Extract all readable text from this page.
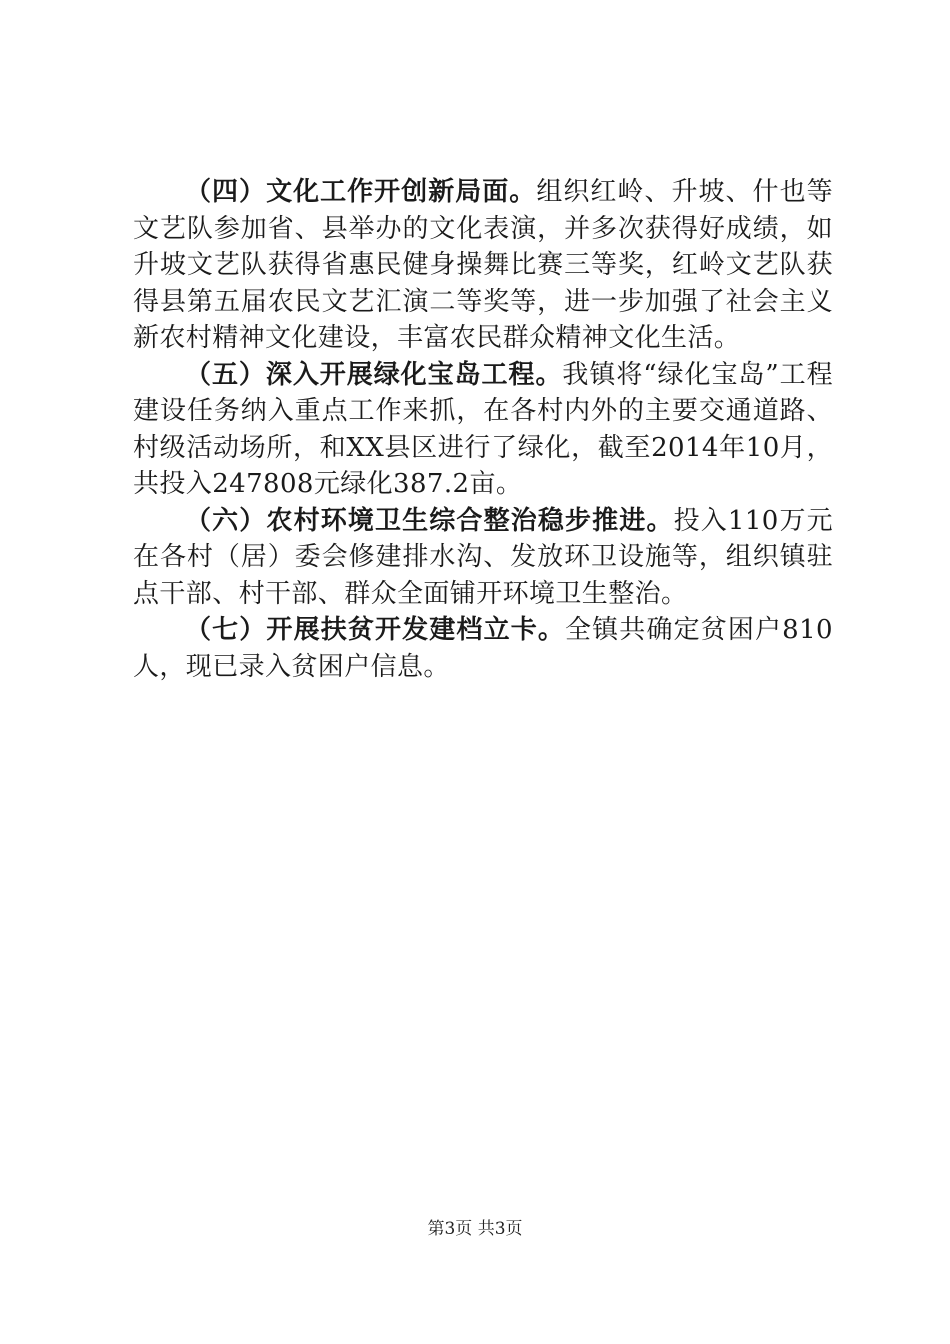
（四）文化工作开创新局面。组织红岭、升坡、什也等文艺队参加省、县举办的文化表演，并多次获得好成绩，如升坡文艺队获得省惠民健身操舞比赛三等奖，红岭文艺队获得县第五届农民文艺汇演二等奖等，进一步加强了社会主义新农村精神文化建设，丰富农民群众精神文化生活。

（五）深入开展绿化宝岛工程。我镇将“绿化宝岛”工程建设任务纳入重点工作来抓，在各村内外的主要交通道路、村级活动场所，和XX县区进行了绿化，截至2014年10月，共投入247808元绿化387.2亩。

（六）农村环境卫生综合整治稳步推进。投入110万元在各村（居）委会修建排水沟、发放环卫设施等，组织镇驻点干部、村干部、群众全面铺开环境卫生整治。

（七）开展扶贫开发建档立卡。全镇共确定贫困户810人，现已录入贫困户信息。

第3页 共3页
